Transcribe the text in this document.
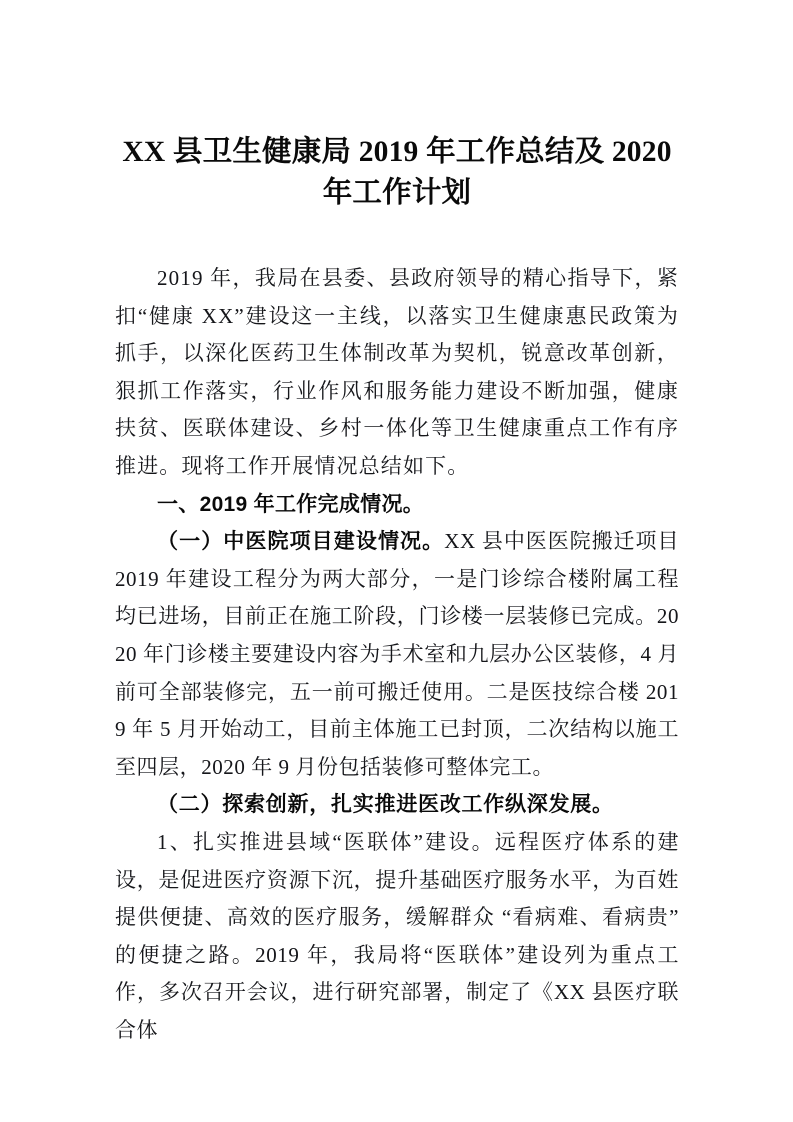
XX 县卫生健康局 2019 年工作总结及 2020
年工作计划

2019 年，我局在县委、县政府领导的精心指导下，紧扣“健康 XX”建设这一主线，以落实卫生健康惠民政策为抓手，以深化医药卫生体制改革为契机，锐意改革创新，狠抓工作落实，行业作风和服务能力建设不断加强，健康扶贫、医联体建设、乡村一体化等卫生健康重点工作有序推进。现将工作开展情况总结如下。

一、2019 年工作完成情况。

（一）中医院项目建设情况。XX 县中医医院搬迁项目 2019 年建设工程分为两大部分，一是门诊综合楼附属工程均已进场，目前正在施工阶段，门诊楼一层装修已完成。2020 年门诊楼主要建设内容为手术室和九层办公区装修，4 月前可全部装修完，五一前可搬迁使用。二是医技综合楼 2019 年 5 月开始动工，目前主体施工已封顶，二次结构以施工至四层，2020 年 9 月份包括装修可整体完工。

（二）探索创新，扎实推进医改工作纵深发展。

1、扎实推进县域“医联体”建设。远程医疗体系的建设，是促进医疗资源下沉，提升基础医疗服务水平，为百姓提供便捷、高效的医疗服务，缓解群众 “看病难、看病贵”的便捷之路。2019 年，我局将“医联体”建设列为重点工作，多次召开会议，进行研究部署，制定了《XX 县医疗联合体
